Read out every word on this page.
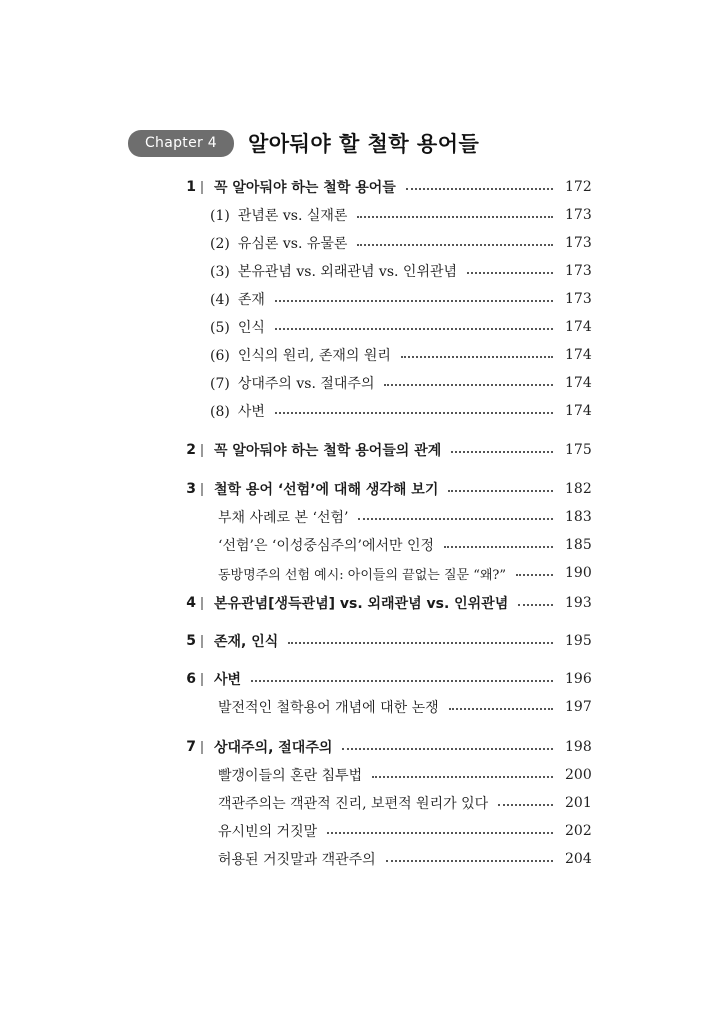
Chapter 4	알아둬야 할 철학 용어들
1 꼭 알아둬야 하는 철학 용어들	172
(1) 관념론 vs. 실재론	173
(2) 유심론 vs. 유물론	173
(3) 본유관념 vs. 외래관념 vs. 인위관념	173
(4) 존재	173
(5) 인식	174
(6) 인식의 원리, 존재의 원리	174
(7) 상대주의 vs. 절대주의	174
(8) 사변	174
2 꼭 알아둬야 하는 철학 용어들의 관계	175
3 철학 용어 ‘선험’에 대해 생각해 보기	182
부채 사례로 본 ‘선험’	183
‘선험’은 ‘이성중심주의’에서만 인정	185
동방명주의 선험 예시: 아이들의 끝없는 질문 “왜?”	190
4 본유관념[생득관념] vs. 외래관념 vs. 인위관념	193
5 존재, 인식	195
6 사변	196
발전적인 철학용어 개념에 대한 논쟁	197
7 상대주의, 절대주의	198
빨갱이들의 혼란 침투법	200
객관주의는 객관적 진리, 보편적 원리가 있다	201
유시빈의 거짓말	202
허용된 거짓말과 객관주의	204
